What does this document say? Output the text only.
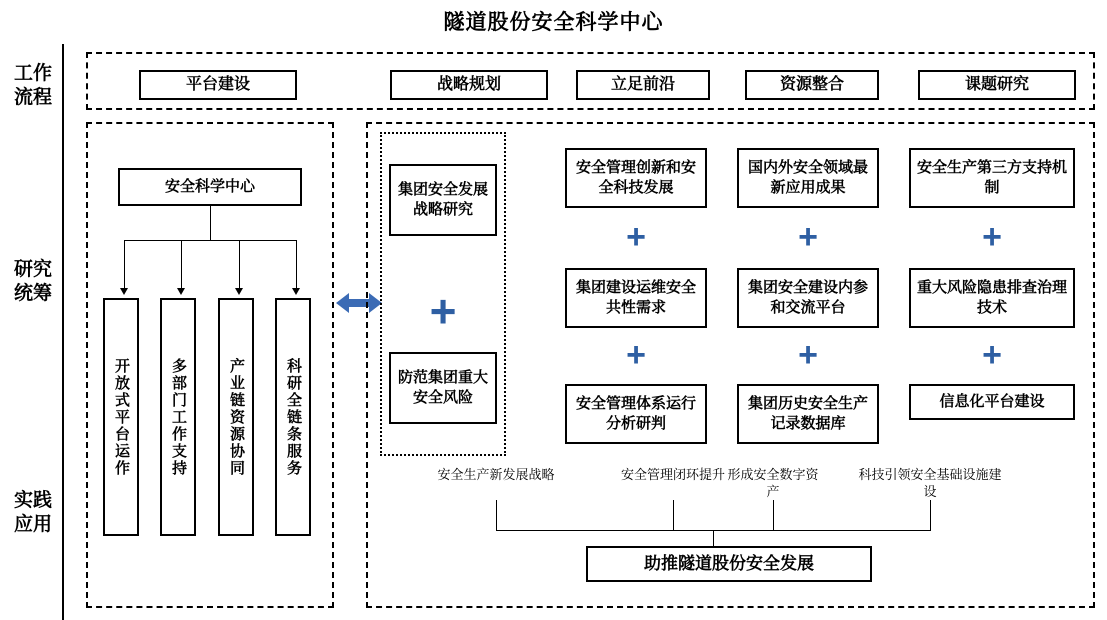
隧道股份安全科学中心
工作
流程
研究
统筹
实践
应用
平台建设	战略规划	立足前沿	资源整合	课题研究
安全科学中心
开放式平台运作	多部门工作支持	产业链资源协同	科研全链条服务
集团安全发展战略研究
+
防范集团重大安全风险
安全管理创新和安全科技发展
+
集团建设运维安全共性需求
+
安全管理体系运行分析研判
国内外安全领域最新应用成果
+
集团安全建设内参和交流平台
+
集团历史安全生产记录数据库
安全生产第三方支持机制
+
重大风险隐患排查治理技术
+
信息化平台建设
安全生产新发展战略	安全管理闭环提升 形成安全数字资产
科技引领安全基础设施建设
助推隧道股份安全发展
